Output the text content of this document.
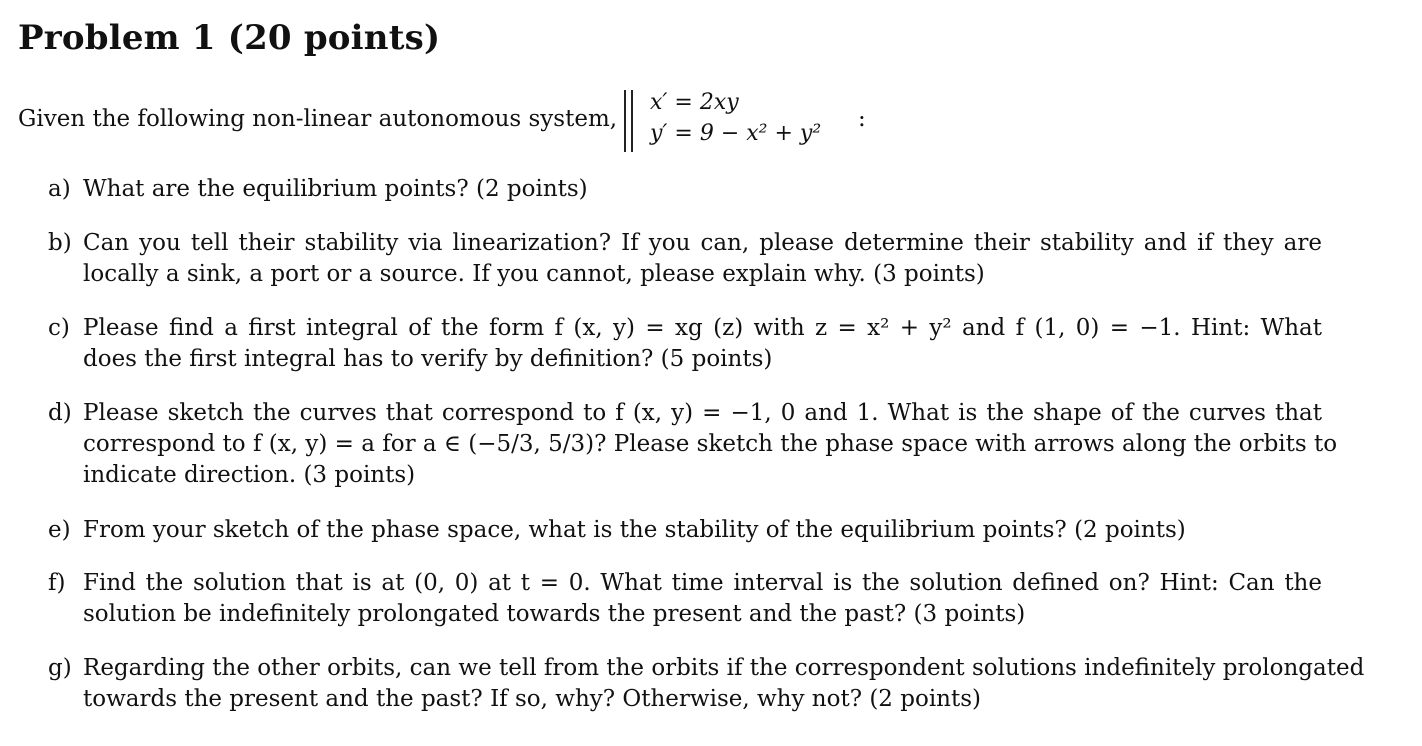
Problem 1 (20 points)
Given the following non-linear autonomous system,
x′ = 2xy
y′ = 9 − x² + y²
:
a) What are the equilibrium points? (2 points)
b) Can you tell their stability via linearization? If you can, please determine their stability and if they are
locally a sink, a port or a source. If you cannot, please explain why. (3 points)
c) Please find a first integral of the form f (x, y) = xg (z) with z = x² + y² and f (1, 0) = −1. Hint: What
does the first integral has to verify by definition? (5 points)
d) Please sketch the curves that correspond to f (x, y) = −1, 0 and 1. What is the shape of the curves that
correspond to f (x, y) = a for a ∈ (−5/3, 5/3)? Please sketch the phase space with arrows along the orbits to
indicate direction. (3 points)
e) From your sketch of the phase space, what is the stability of the equilibrium points? (2 points)
f) Find the solution that is at (0, 0) at t = 0. What time interval is the solution defined on? Hint: Can the
solution be indefinitely prolongated towards the present and the past? (3 points)
g) Regarding the other orbits, can we tell from the orbits if the correspondent solutions indefinitely prolongated
towards the present and the past? If so, why? Otherwise, why not? (2 points)
